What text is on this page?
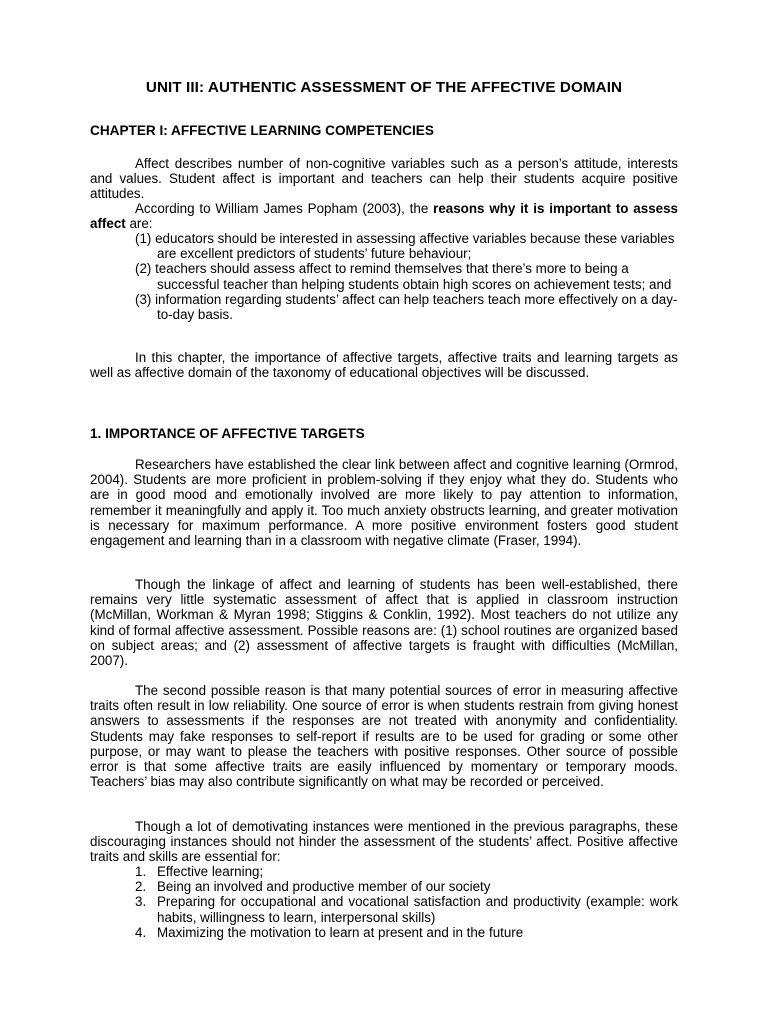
UNIT III: AUTHENTIC ASSESSMENT OF THE AFFECTIVE DOMAIN
CHAPTER I: AFFECTIVE LEARNING COMPETENCIES

Affect describes number of non-cognitive variables such as a person’s attitude, interests and values. Student affect is important and teachers can help their students acquire positive attitudes.

According to William James Popham (2003), the reasons why it is important to assess affect are:

(1) educators should be interested in assessing affective variables because these variables are excellent predictors of students’ future behaviour;
(2) teachers should assess affect to remind themselves that there’s more to being a successful teacher than helping students obtain high scores on achievement tests; and
(3) information regarding students’ affect can help teachers teach more effectively on a day-to-day basis.

In this chapter, the importance of affective targets, affective traits and learning targets as well as affective domain of the taxonomy of educational objectives will be discussed.

1. IMPORTANCE OF AFFECTIVE TARGETS

Researchers have established the clear link between affect and cognitive learning (Ormrod, 2004). Students are more proficient in problem-solving if they enjoy what they do. Students who are in good mood and emotionally involved are more likely to pay attention to information, remember it meaningfully and apply it. Too much anxiety obstructs learning, and greater motivation is necessary for maximum performance. A more positive environment fosters good student engagement and learning than in a classroom with negative climate (Fraser, 1994).

Though the linkage of affect and learning of students has been well-established, there remains very little systematic assessment of affect that is applied in classroom instruction (McMillan, Workman & Myran 1998; Stiggins & Conklin, 1992). Most teachers do not utilize any kind of formal affective assessment. Possible reasons are: (1) school routines are organized based on subject areas; and (2) assessment of affective targets is fraught with difficulties (McMillan, 2007).

The second possible reason is that many potential sources of error in measuring affective traits often result in low reliability. One source of error is when students restrain from giving honest answers to assessments if the responses are not treated with anonymity and confidentiality. Students may fake responses to self-report if results are to be used for grading or some other purpose, or may want to please the teachers with positive responses. Other source of possible error is that some affective traits are easily influenced by momentary or temporary moods. Teachers’ bias may also contribute significantly on what may be recorded or perceived.

Though a lot of demotivating instances were mentioned in the previous paragraphs, these discouraging instances should not hinder the assessment of the students’ affect. Positive affective traits and skills are essential for:

1. Effective learning;
2. Being an involved and productive member of our society
3. Preparing for occupational and vocational satisfaction and productivity (example: work habits, willingness to learn, interpersonal skills)
4. Maximizing the motivation to learn at present and in the future
